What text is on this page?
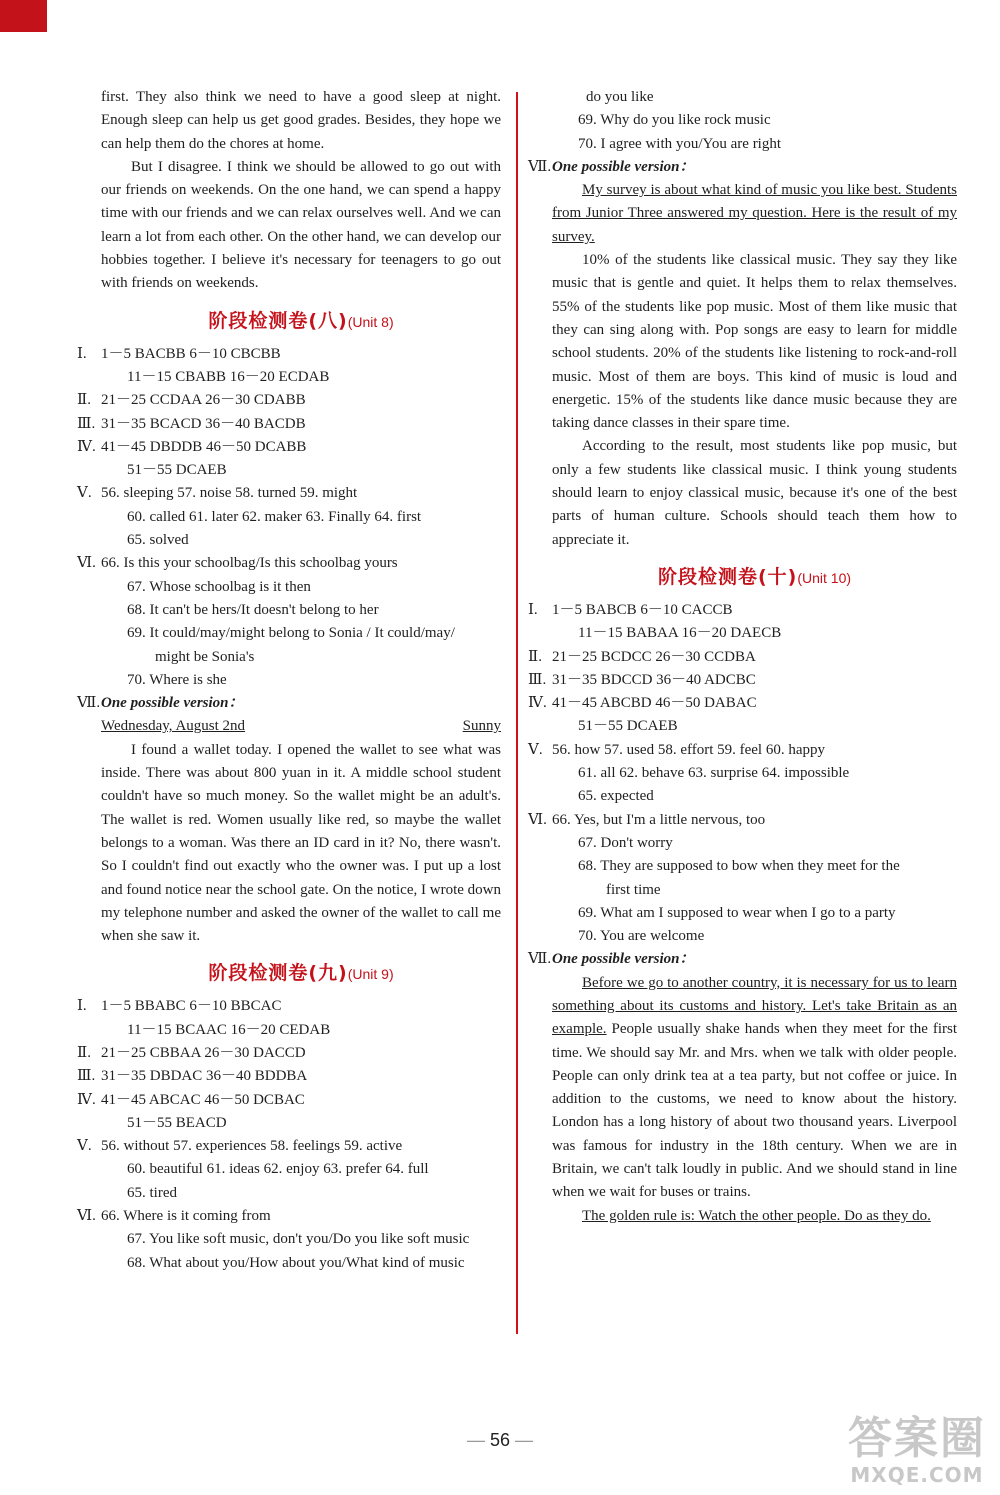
first. They also think we need to have a good sleep at night. Enough sleep can help us get good grades. Besides, they hope we can help them do the chores at home.
But I disagree. I think we should be allowed to go out with our friends on weekends. On the one hand, we can spend a happy time with our friends and we can relax ourselves well. And we can learn a lot from each other. On the other hand, we can develop our hobbies together. I believe it's necessary for teenagers to go out with friends on weekends.
阶段检测卷(八)(Unit 8)
Ⅰ. 1－5 BACBB 6－10 CBCBB
11－15 CBABB 16－20 ECDAB
Ⅱ. 21－25 CCDAA 26－30 CDABB
Ⅲ. 31－35 BCACD 36－40 BACDB
Ⅳ. 41－45 DBDDB 46－50 DCABB
51－55 DCAEB
Ⅴ. 56. sleeping 57. noise 58. turned 59. might
60. called 61. later 62. maker 63. Finally 64. first
65. solved
Ⅵ. 66. Is this your schoolbag/Is this schoolbag yours
67. Whose schoolbag is it then
68. It can't be hers/It doesn't belong to her
69. It could/may/might belong to Sonia / It could/may/
might be Sonia's
70. Where is she
Ⅶ. One possible version：
Wednesday, August 2nd	Sunny
I found a wallet today. I opened the wallet to see what was inside. There was about 800 yuan in it. A middle school student couldn't have so much money. So the wallet might be an adult's. The wallet is red. Women usually like red, so maybe the wallet belongs to a woman. Was there an ID card in it? No, there wasn't. So I couldn't find out exactly who the owner was. I put up a lost and found notice near the school gate. On the notice, I wrote down my telephone number and asked the owner of the wallet to call me when she saw it.
阶段检测卷(九)(Unit 9)
Ⅰ. 1－5 BBABC 6－10 BBCAC
11－15 BCAAC 16－20 CEDAB
Ⅱ. 21－25 CBBAA 26－30 DACCD
Ⅲ. 31－35 DBDAC 36－40 BDDBA
Ⅳ. 41－45 ABCAC 46－50 DCBAC
51－55 BEACD
Ⅴ. 56. without 57. experiences 58. feelings 59. active
60. beautiful 61. ideas 62. enjoy 63. prefer 64. full
65. tired
Ⅵ. 66. Where is it coming from
67. You like soft music, don't you/Do you like soft music
68. What about you/How about you/What kind of music
do you like
69. Why do you like rock music
70. I agree with you/You are right
Ⅶ. One possible version：
My survey is about what kind of music you like best. Students from Junior Three answered my question. Here is the result of my survey.
10% of the students like classical music. They say they like music that is gentle and quiet. It helps them to relax themselves. 55% of the students like pop music. Most of them like music that they can sing along with. Pop songs are easy to learn for middle school students. 20% of the students like listening to rock-and-roll music. Most of them are boys. This kind of music is loud and energetic. 15% of the students like dance music because they are taking dance classes in their spare time.
According to the result, most students like pop music, but only a few students like classical music. I think young students should learn to enjoy classical music, because it's one of the best parts of human culture. Schools should teach them how to appreciate it.
阶段检测卷(十)(Unit 10)
Ⅰ. 1－5 BABCB 6－10 CACCB
11－15 BABAA 16－20 DAECB
Ⅱ. 21－25 BCDCC 26－30 CCDBA
Ⅲ. 31－35 BDCCD 36－40 ADCBC
Ⅳ. 41－45 ABCBD 46－50 DABAC
51－55 DCAEB
Ⅴ. 56. how 57. used 58. effort 59. feel 60. happy
61. all 62. behave 63. surprise 64. impossible
65. expected
Ⅵ. 66. Yes, but I'm a little nervous, too
67. Don't worry
68. They are supposed to bow when they meet for the
first time
69. What am I supposed to wear when I go to a party
70. You are welcome
Ⅶ. One possible version：
Before we go to another country, it is necessary for us to learn something about its customs and history. Let's take Britain as an example. People usually shake hands when they meet for the first time. We should say Mr. and Mrs. when we talk with older people. People can only drink tea at a tea party, but not coffee or juice. In addition to the customs, we need to know about the history. London has a long history of about two thousand years. Liverpool was famous for industry in the 18th century. When we are in Britain, we can't talk loudly in public. And we should stand in line when we wait for buses or trains.
The golden rule is: Watch the other people. Do as they do.
— 56 —	答案圈
MXQE.COM
